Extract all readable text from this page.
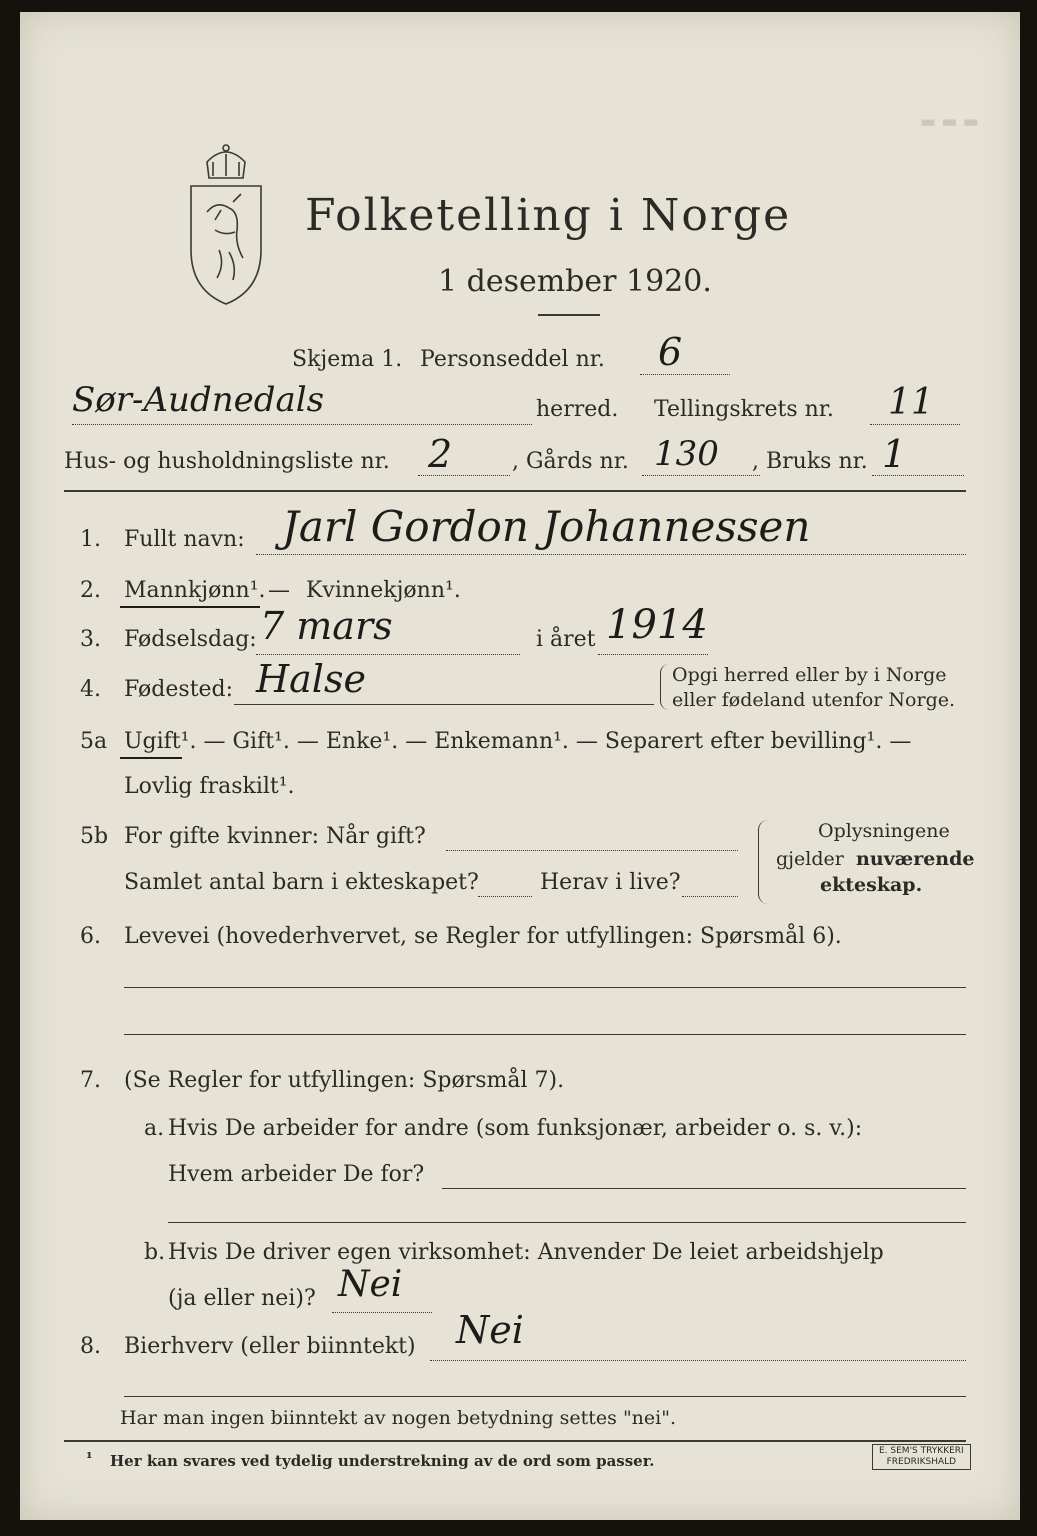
▬ ▬ ▬
Folketelling i Norge
1 desember 1920.
Skjema 1. Personseddel nr. 6
Sør-Audnedals	herred. Tellingskrets nr. 11
Hus- og husholdningsliste nr. 2	, Gårds nr. 130 , Bruks nr. 1
1. Fullt navn: Jarl Gordon Johannessen
2. Mannkjønn¹. — Kvinnekjønn¹.
3. Fødselsdag: 7 mars	i året 1914
4. Fødested: Halse	Opgi herred eller by i Norge
eller fødeland utenfor Norge.
5a Ugift¹. — Gift¹. — Enke¹. — Enkemann¹. — Separert efter bevilling¹. —
Lovlig fraskilt¹.
5b For gifte kvinner: Når gift?
Samlet antal barn i ekteskapet?	Herav i live?
Oplysningene
gjelder nuværende
ekteskap.
6. Levevei (hovederhvervet, se Regler for utfyllingen: Spørsmål 6).
7. (Se Regler for utfyllingen: Spørsmål 7).
a. Hvis De arbeider for andre (som funksjonær, arbeider o. s. v.):
Hvem arbeider De for?
b. Hvis De driver egen virksomhet: Anvender De leiet arbeidshjelp
(ja eller nei)? Nei
8. Bierhverv (eller biinntekt) Nei
Har man ingen biinntekt av nogen betydning settes "nei".
¹ Her kan svares ved tydelig understrekning av de ord som passer.
E. SEM'S TRYKKERI
FREDRIKSHALD
